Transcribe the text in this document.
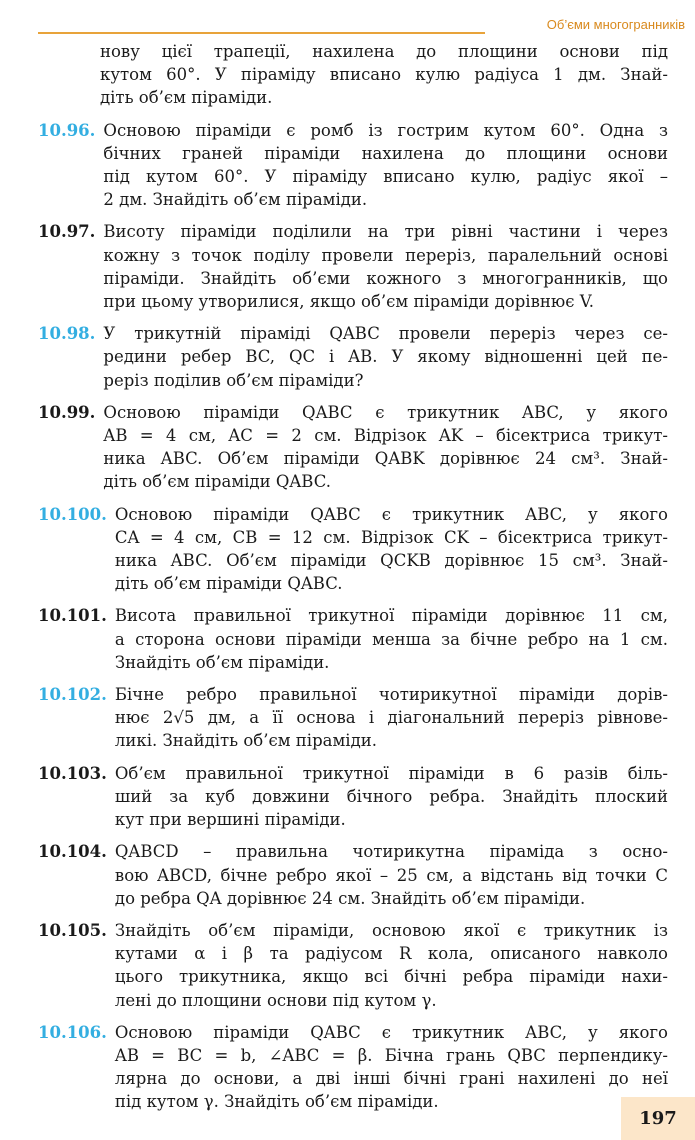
Об’єми многогранників
нову цієї трапеції, нахилена до площини основи під
кутом 60°. У піраміду вписано кулю радіуса 1 дм. Знай-
діть об’єм піраміди.
10.96. Основою піраміди є ромб із гострим кутом 60°. Одна з
бічних граней піраміди нахилена до площини основи
під кутом 60°. У піраміду вписано кулю, радіус якої –
2 дм. Знайдіть об’єм піраміди.
10.97. Висоту піраміди поділили на три рівні частини і через
кожну з точок поділу провели переріз, паралельний основі
піраміди. Знайдіть об’єми кожного з многогранників, що
при цьому утворилися, якщо об’єм піраміди дорівнює V.
10.98. У трикутній піраміді QABC провели переріз через се-
редини ребер BC, QC і AB. У якому відношенні цей пе-
реріз поділив об’єм піраміди?
10.99. Основою піраміди QABC є трикутник ABC, у якого
AB = 4 см, AC = 2 см. Відрізок AK – бісектриса трикут-
ника ABC. Об’єм піраміди QABK дорівнює 24 см³. Знай-
діть об’єм піраміди QABC.
10.100. Основою піраміди QABC є трикутник ABC, у якого
CA = 4 см, CB = 12 см. Відрізок CK – бісектриса трикут-
ника ABC. Об’єм піраміди QCKB дорівнює 15 см³. Знай-
діть об’єм піраміди QABC.
10.101. Висота правильної трикутної піраміди дорівнює 11 см,
а сторона основи піраміди менша за бічне ребро на 1 см.
Знайдіть об’єм піраміди.
10.102. Бічне ребро правильної чотирикутної піраміди дорів-
нює 2√5 дм, а її основа і діагональний переріз рівнове-
ликі. Знайдіть об’єм піраміди.
10.103. Об’єм правильної трикутної піраміди в 6 разів біль-
ший за куб довжини бічного ребра. Знайдіть плоский
кут при вершині піраміди.
10.104. QABCD – правильна чотирикутна піраміда з осно-
вою ABCD, бічне ребро якої – 25 см, а відстань від точки C
до ребра QA дорівнює 24 см. Знайдіть об’єм піраміди.
10.105. Знайдіть об’єм піраміди, основою якої є трикутник із
кутами α і β та радіусом R кола, описаного навколо
цього трикутника, якщо всі бічні ребра піраміди нахи-
лені до площини основи під кутом γ.
10.106. Основою піраміди QABC є трикутник ABC, у якого
AB = BC = b, ∠ABC = β. Бічна грань QBC перпендику-
лярна до основи, а дві інші бічні грані нахилені до неї
під кутом γ. Знайдіть об’єм піраміди.
197
